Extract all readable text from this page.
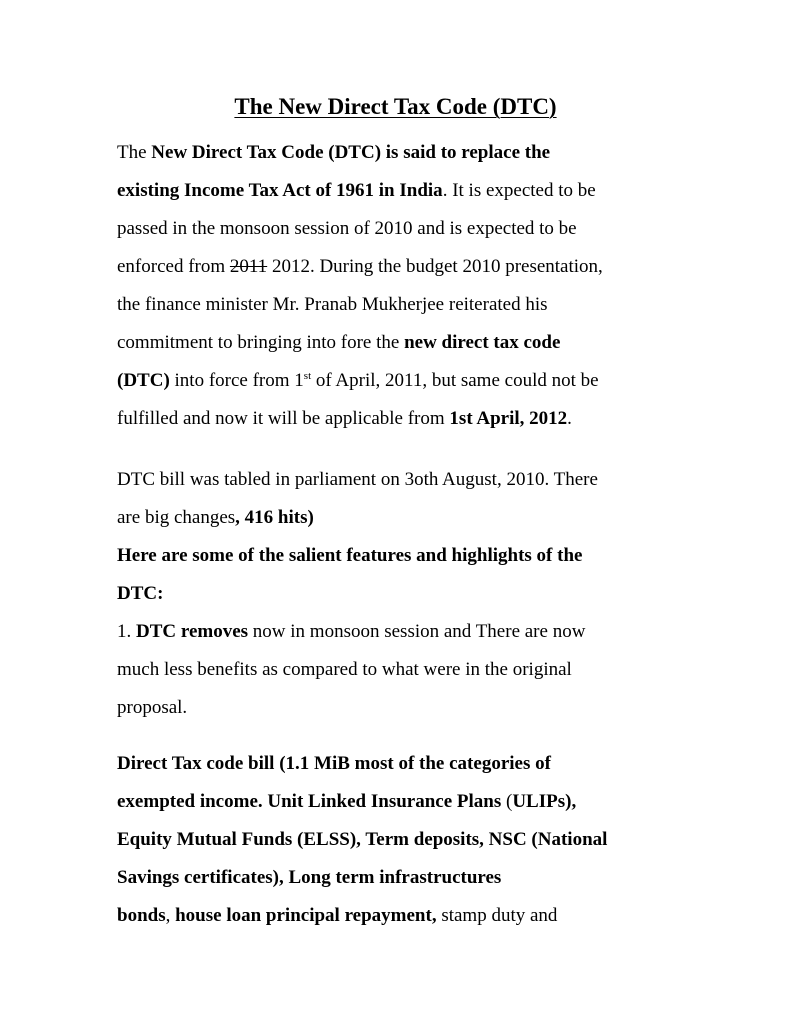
The New Direct Tax Code (DTC)

The New Direct Tax Code (DTC) is said to replace the

existing Income Tax Act of 1961 in India. It is expected to be

passed in the monsoon session of 2010 and is expected to be

enforced from 2011 2012. During the budget 2010 presentation,

the finance minister Mr. Pranab Mukherjee reiterated his

commitment to bringing into fore the new direct tax code

(DTC) into force from 1st of April, 2011, but same could not be

fulfilled and now it will be applicable from 1st April, 2012.

DTC bill was tabled in parliament on 3oth August, 2010. There

are big changes, 416 hits)

Here are some of the salient features and highlights of the

DTC:

1. DTC removes now in monsoon session and There are now

much less benefits as compared to what were in the original

proposal.

Direct Tax code bill (1.1 MiB most of the categories of

exempted income. Unit Linked Insurance Plans (ULIPs),

Equity Mutual Funds (ELSS), Term deposits, NSC (National

Savings certificates), Long term infrastructures

bonds, house loan principal repayment, stamp duty and
